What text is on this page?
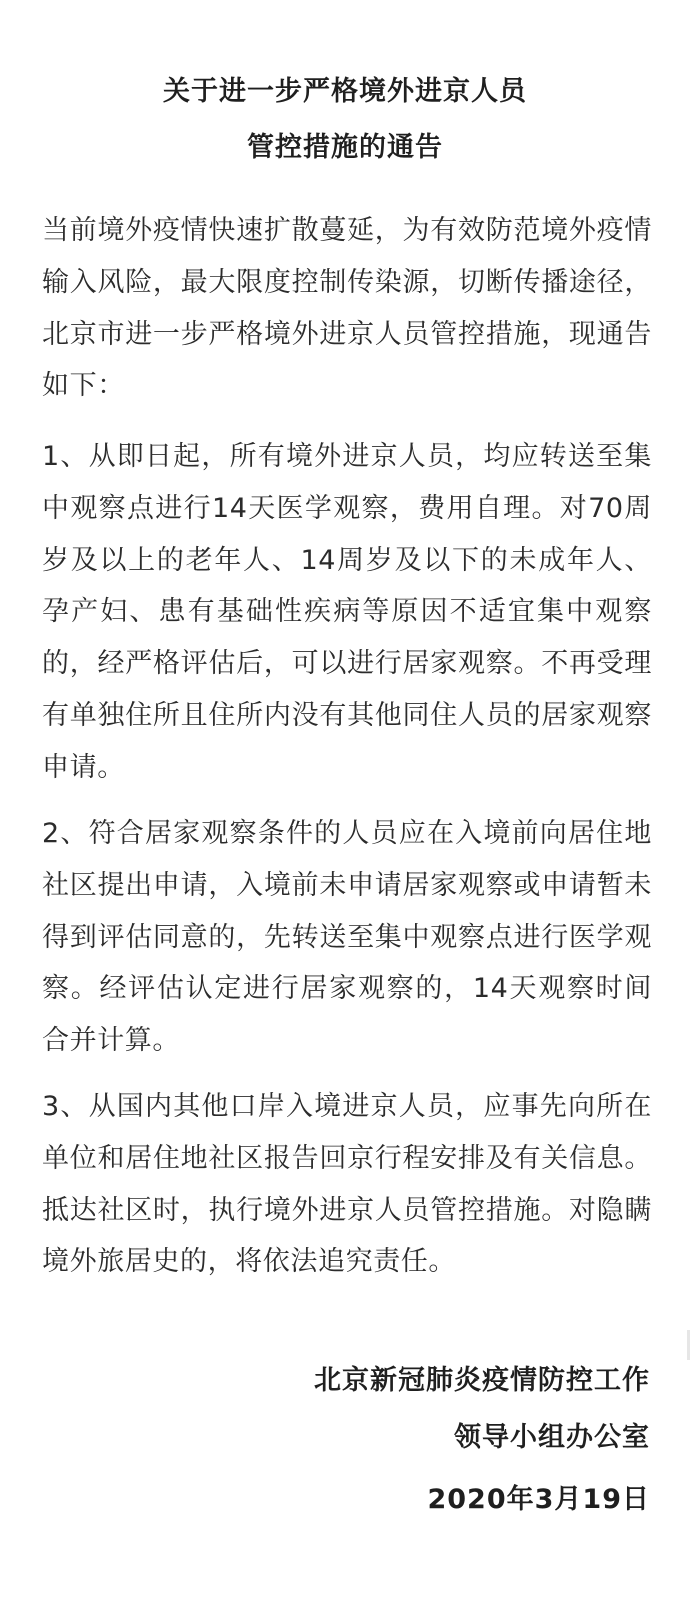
关于进一步严格境外进京人员
管控措施的通告

当前境外疫情快速扩散蔓延，为有效防范境外疫情输入风险，最大限度控制传染源，切断传播途径，北京市进一步严格境外进京人员管控措施，现通告如下：

1、从即日起，所有境外进京人员，均应转送至集中观察点进行14天医学观察，费用自理。对70周岁及以上的老年人、14周岁及以下的未成年人、孕产妇、患有基础性疾病等原因不适宜集中观察的，经严格评估后，可以进行居家观察。不再受理有单独住所且住所内没有其他同住人员的居家观察申请。

2、符合居家观察条件的人员应在入境前向居住地社区提出申请，入境前未申请居家观察或申请暂未得到评估同意的，先转送至集中观察点进行医学观察。经评估认定进行居家观察的，14天观察时间合并计算。

3、从国内其他口岸入境进京人员，应事先向所在单位和居住地社区报告回京行程安排及有关信息。抵达社区时，执行境外进京人员管控措施。对隐瞒境外旅居史的，将依法追究责任。

北京新冠肺炎疫情防控工作
领导小组办公室
2020年3月19日
